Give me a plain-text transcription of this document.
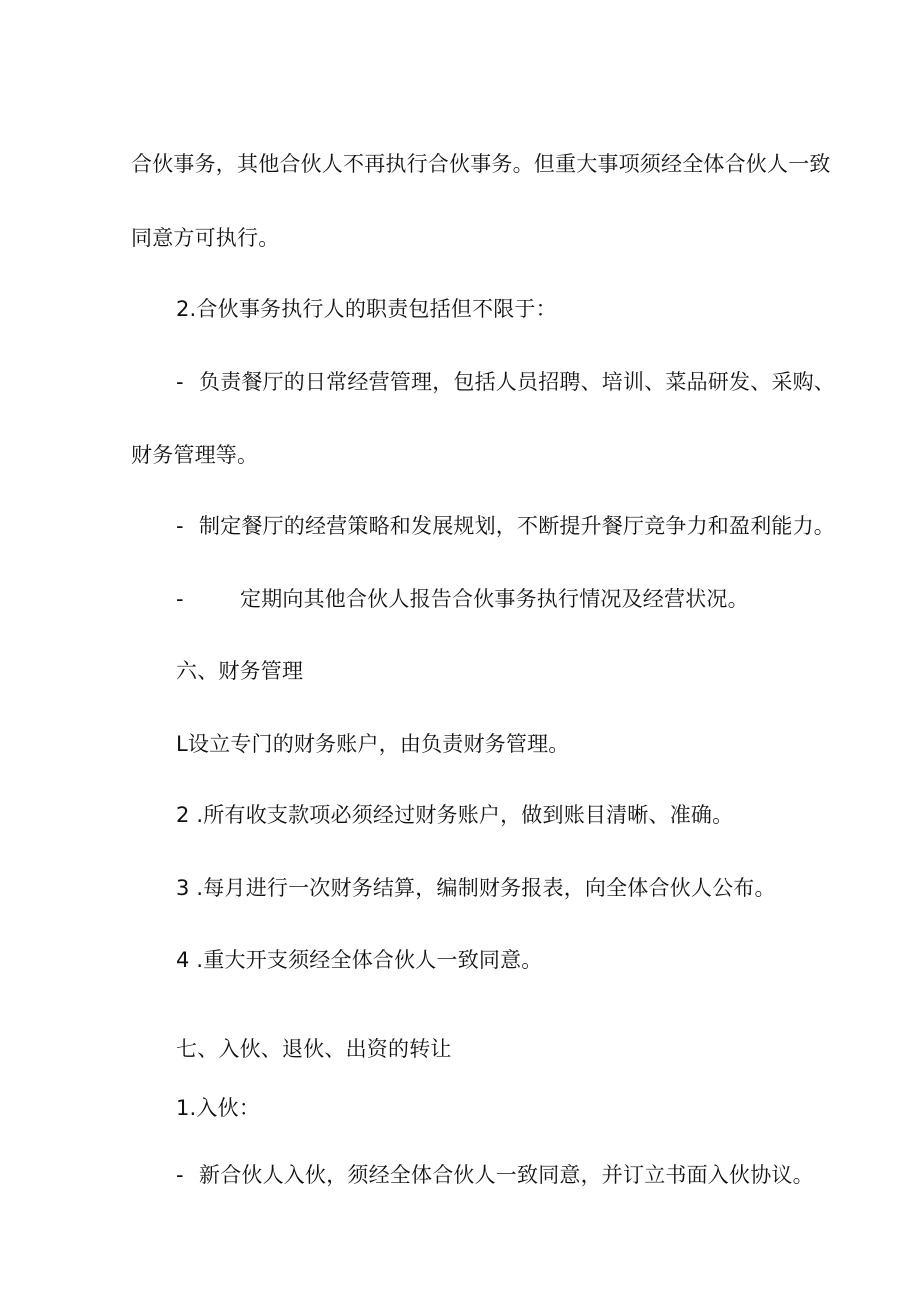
合伙事务，其他合伙人不再执行合伙事务。但重大事项须经全体合伙人一致
同意方可执行。
2.合伙事务执行人的职责包括但不限于：
- 负责餐厅的日常经营管理，包括人员招聘、培训、菜品研发、采购、
财务管理等。
- 制定餐厅的经营策略和发展规划，不断提升餐厅竞争力和盈利能力。
-	定期向其他合伙人报告合伙事务执行情况及经营状况。
六、财务管理
L设立专门的财务账户，由负责财务管理。
2 .所有收支款项必须经过财务账户，做到账目清晰、准确。
3 .每月进行一次财务结算，编制财务报表，向全体合伙人公布。
4 .重大开支须经全体合伙人一致同意。
七、入伙、退伙、出资的转让
1.入伙：
- 新合伙人入伙，须经全体合伙人一致同意，并订立书面入伙协议。
